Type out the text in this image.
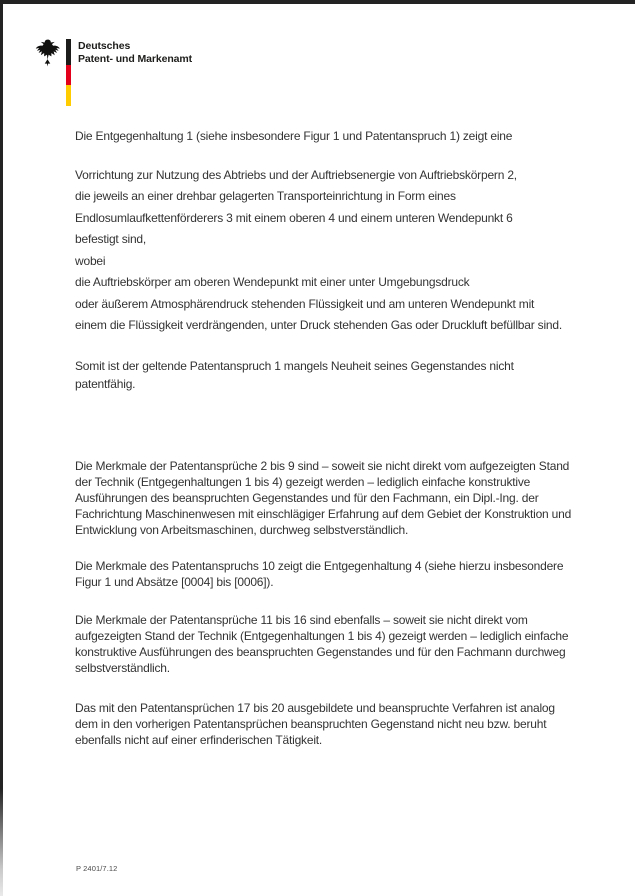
Deutsches
Patent- und Markenamt
Die Entgegenhaltung 1 (siehe insbesondere Figur 1 und Patentanspruch 1) zeigt eine
Vorrichtung zur Nutzung des Abtriebs und der Auftriebsenergie von Auftriebskörpern 2,
die jeweils an einer drehbar gelagerten Transporteinrichtung in Form eines
Endlosumlaufkettenförderers 3 mit einem oberen 4 und einem unteren Wendepunkt 6
befestigt sind,
wobei
die Auftriebskörper am oberen Wendepunkt mit einer unter Umgebungsdruck
oder äußerem Atmosphärendruck stehenden Flüssigkeit und am unteren Wendepunkt mit
einem die Flüssigkeit verdrängenden, unter Druck stehenden Gas oder Druckluft befüllbar sind.
Somit ist der geltende Patentanspruch 1 mangels Neuheit seines Gegenstandes nicht
patentfähig.
Die Merkmale der Patentansprüche 2 bis 9 sind – soweit sie nicht direkt vom aufgezeigten Stand
der Technik (Entgegenhaltungen 1 bis 4) gezeigt werden – lediglich einfache konstruktive
Ausführungen des beanspruchten Gegenstandes und für den Fachmann, ein Dipl.-Ing. der
Fachrichtung Maschinenwesen mit einschlägiger Erfahrung auf dem Gebiet der Konstruktion und
Entwicklung von Arbeitsmaschinen, durchweg selbstverständlich.
Die Merkmale des Patentanspruchs 10 zeigt die Entgegenhaltung 4 (siehe hierzu insbesondere
Figur 1 und Absätze [0004] bis [0006]).
Die Merkmale der Patentansprüche 11 bis 16 sind ebenfalls – soweit sie nicht direkt vom
aufgezeigten Stand der Technik (Entgegenhaltungen 1 bis 4) gezeigt werden – lediglich einfache
konstruktive Ausführungen des beanspruchten Gegenstandes und für den Fachmann durchweg
selbstverständlich.
Das mit den Patentansprüchen 17 bis 20 ausgebildete und beanspruchte Verfahren ist analog
dem in den vorherigen Patentansprüchen beanspruchten Gegenstand nicht neu bzw. beruht
ebenfalls nicht auf einer erfinderischen Tätigkeit.
P 2401/7.12
